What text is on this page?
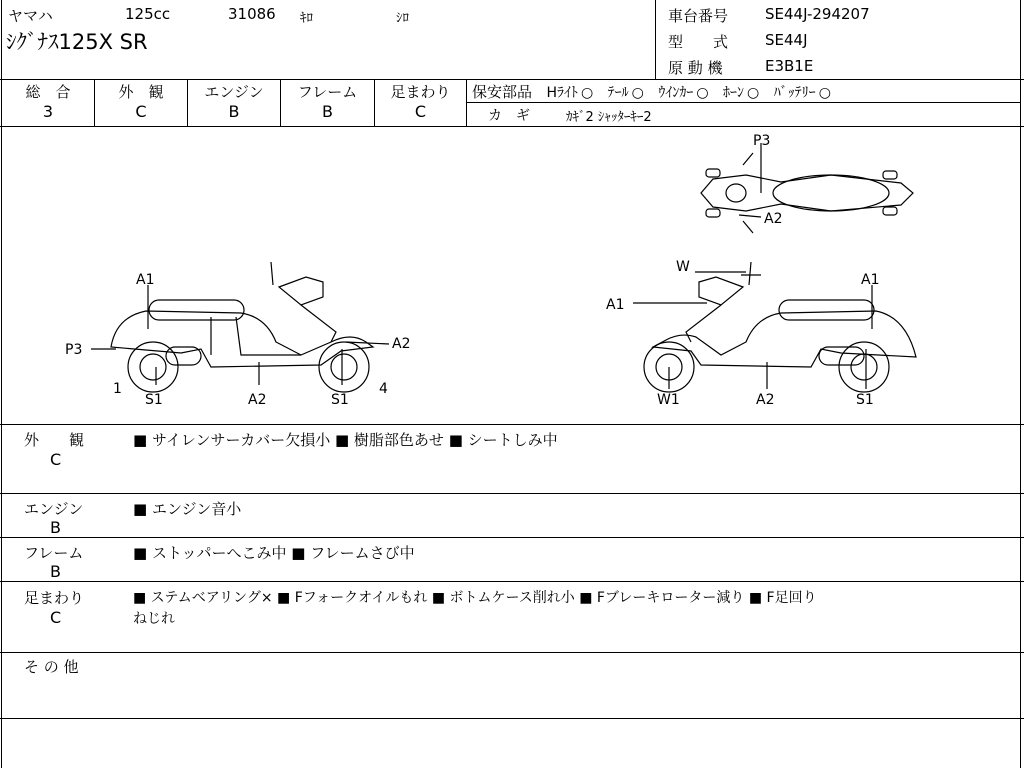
ヤマハ	125cc	31086 ｷﾛ	ｼﾛ
ｼｸﾞﾅｽ125X SR
車台番号 SE44J-294207
型　　式 SE44J
原 動 機	E3B1E
総　合
3
外　観
C
エンジン
B
フレーム
B
足まわり
C
保安部品 Hﾗｲﾄ ○ ﾃｰﾙ ○ ｳｲﾝｶｰ ○ ﾎｰﾝ ○ ﾊﾞｯﾃﾘｰ ○
カ　ギ	ｶｷﾞ2 ｼｬｯﾀｰｷｰ2
P3
A2
A1
P3	A2
1
S1	A2	S1
4
W
A1
A1
W1	A2	S1
外　　観
C
■ サイレンサーカバー欠損小 ■ 樹脂部色あせ ■ シートしみ中
エンジン
B
■ エンジン音小
フレーム
B
■ ストッパーへこみ中 ■ フレームさび中
足まわり
C
■ ステムベアリング× ■ Fフォークオイルもれ ■ ボトムケース削れ小 ■ Fブレーキローター減り ■ F足回り
ねじれ
そ の 他
